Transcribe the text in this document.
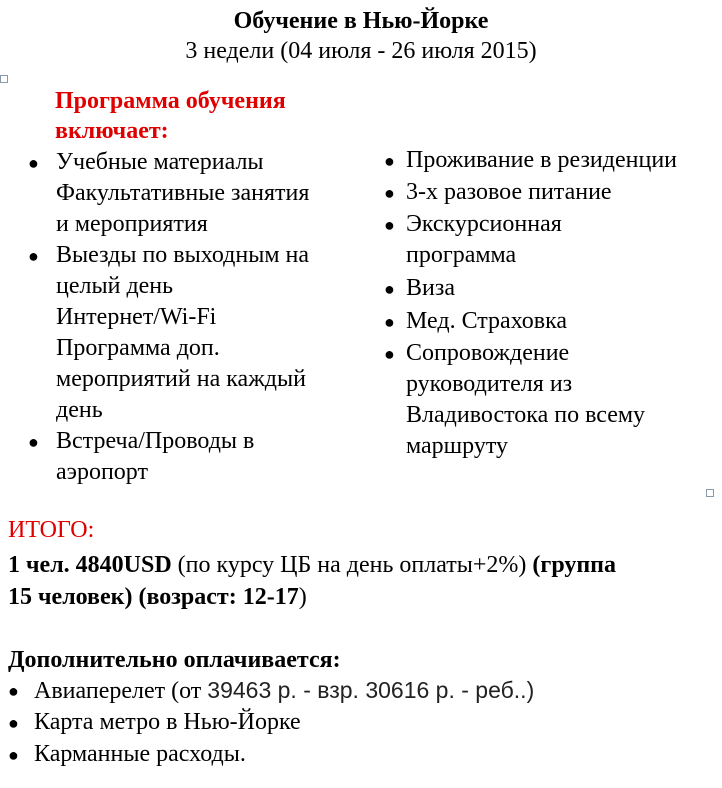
Обучение в Нью-Йорке
3 недели (04 июля - 26 июля 2015)
Программа обучения
включает:
● Учебные материалы
Факультативные занятия
и мероприятия
● Выезды по выходным на
целый день
Интернет/Wi-Fi
Программа доп.
мероприятий на каждый
день
● Встреча/Проводы в
аэропорт
● Проживание в резиденции
● 3-х разовое питание
● Экскурсионная
программа
● Виза
● Мед. Страховка
● Сопровождение
руководителя из
Владивостока по всему
маршруту
ИТОГО:
1 чел. 4840USD (по курсу ЦБ на день оплаты+2%) (группа
15 человек) (возраст: 12-17)
Дополнительно оплачивается:
● Авиаперелет (от 39463 р. - взр. 30616 р. - реб..)
● Карта метро в Нью-Йорке
● Карманные расходы.
